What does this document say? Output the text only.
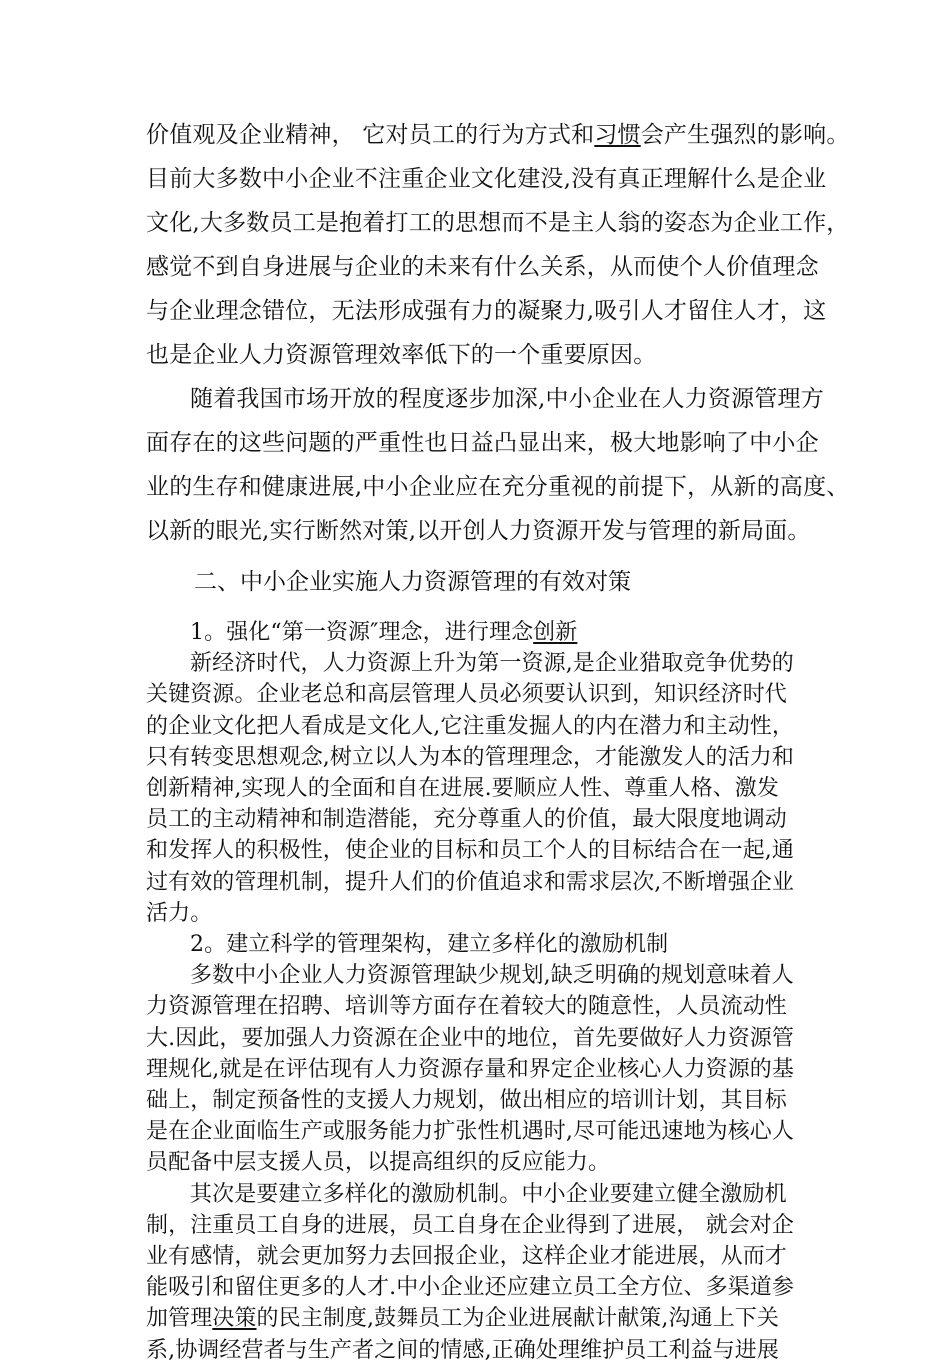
价值观及企业精神， 它对员工的行为方式和习惯会产生强烈的影响。
目前大多数中小企业不注重企业文化建没,没有真正理解什么是企业
文化,大多数员工是抱着打工的思想而不是主人翁的姿态为企业工作，
感觉不到自身进展与企业的未来有什么关系，从而使个人价值理念
与企业理念错位，无法形成强有力的凝聚力,吸引人才留住人才，这
也是企业人力资源管理效率低下的一个重要原因。
随着我国市场开放的程度逐步加深,中小企业在人力资源管理方
面存在的这些问题的严重性也日益凸显出来，极大地影响了中小企
业的生存和健康进展,中小企业应在充分重视的前提下，从新的高度、
以新的眼光,实行断然对策,以开创人力资源开发与管理的新局面。
二、中小企业实施人力资源管理的有效对策
1。强化“第一资源″理念，进行理念创新
新经济时代，人力资源上升为第一资源,是企业猎取竞争优势的
关键资源。企业老总和高层管理人员必须要认识到，知识经济时代
的企业文化把人看成是文化人,它注重发掘人的内在潜力和主动性，
只有转变思想观念,树立以人为本的管理理念，才能激发人的活力和
创新精神,实现人的全面和自在进展.要顺应人性、尊重人格、激发
员工的主动精神和制造潜能，充分尊重人的价值，最大限度地调动
和发挥人的积极性，使企业的目标和员工个人的目标结合在一起,通
过有效的管理机制，提升人们的价值追求和需求层次,不断增强企业
活力。
2。建立科学的管理架构，建立多样化的激励机制
多数中小企业人力资源管理缺少规划,缺乏明确的规划意味着人
力资源管理在招聘、培训等方面存在着较大的随意性，人员流动性
大.因此，要加强人力资源在企业中的地位，首先要做好人力资源管
理规化,就是在评估现有人力资源存量和界定企业核心人力资源的基
础上，制定预备性的支援人力规划，做出相应的培训计划，其目标
是在企业面临生产或服务能力扩张性机遇时,尽可能迅速地为核心人
员配备中层支援人员，以提高组织的反应能力。
其次是要建立多样化的激励机制。中小企业要建立健全激励机
制，注重员工自身的进展，员工自身在企业得到了进展， 就会对企
业有感情，就会更加努力去回报企业，这样企业才能进展，从而才
能吸引和留住更多的人才.中小企业还应建立员工全方位、多渠道参
加管理决策的民主制度,鼓舞员工为企业进展献计献策,沟通上下关
系,协调经营者与生产者之间的情感,正确处理维护员工利益与进展
